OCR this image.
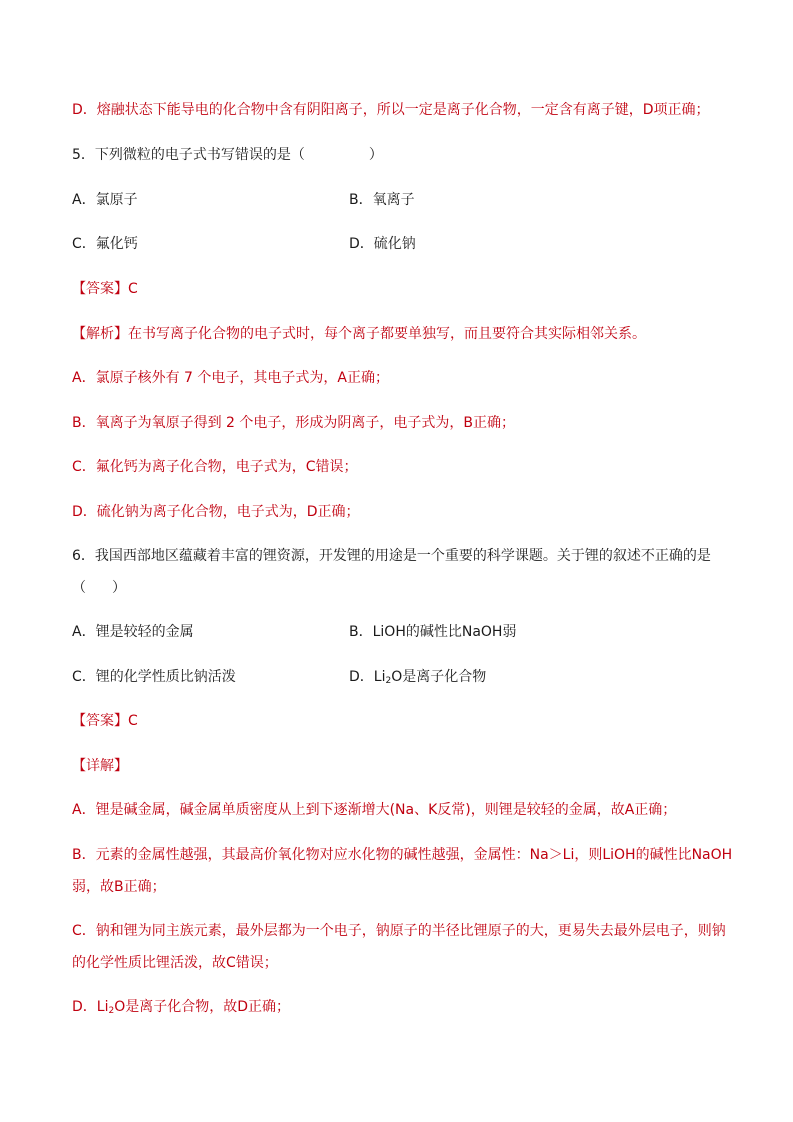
D．熔融状态下能导电的化合物中含有阴阳离子，所以一定是离子化合物，一定含有离子键，D项正确；
5．下列微粒的电子式书写错误的是（	）
A．氯原子	B．氧离子
C．氟化钙	D．硫化钠
【答案】C
【解析】在书写离子化合物的电子式时，每个离子都要单独写，而且要符合其实际相邻关系。
A．氯原子核外有 7 个电子，其电子式为，A正确；
B．氧离子为氧原子得到 2 个电子，形成为阴离子，电子式为，B正确；
C．氟化钙为离子化合物，电子式为，C错误；
D．硫化钠为离子化合物，电子式为，D正确；
6．我国西部地区蕴藏着丰富的锂资源，开发锂的用途是一个重要的科学课题。关于锂的叙述不正确的是
（ ）
A．锂是较轻的金属	B．LiOH的碱性比NaOH弱
C．锂的化学性质比钠活泼	D．$Li_2O$是离子化合物
【答案】C
【详解】
A．锂是碱金属，碱金属单质密度从上到下逐渐增大(Na、K反常)，则锂是较轻的金属，故A正确；
B．元素的金属性越强，其最高价氧化物对应水化物的碱性越强，金属性：Na＞Li，则LiOH的碱性比NaOH
弱，故B正确；
C．钠和锂为同主族元素，最外层都为一个电子，钠原子的半径比锂原子的大，更易失去最外层电子，则钠
的化学性质比锂活泼，故C错误；
D．$Li_2O$是离子化合物，故D正确；
